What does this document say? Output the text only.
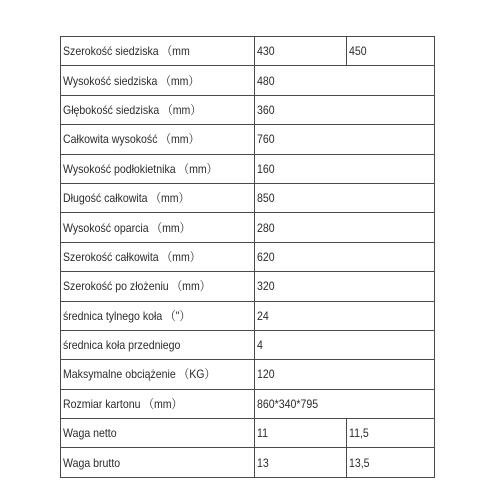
Szerokość siedziska （mm	430	450
Wysokość siedziska （mm）	480	
Głębokość siedziska （mm）	360	
Całkowita wysokość （mm）	760	
Wysokość podłokietnika （mm）	160	
Długość całkowita （mm）	850	
Wysokość oparcia （mm）	280	
Szerokość całkowita （mm）	620	
Szerokość po złożeniu （mm）	320	
średnica tylnego koła （"）	24	
średnica koła przedniego	4	
Maksymalne obciążenie （KG）	120	
Rozmiar kartonu （mm）	860*340*795	
Waga netto	11	11,5
Waga brutto	13	13,5
